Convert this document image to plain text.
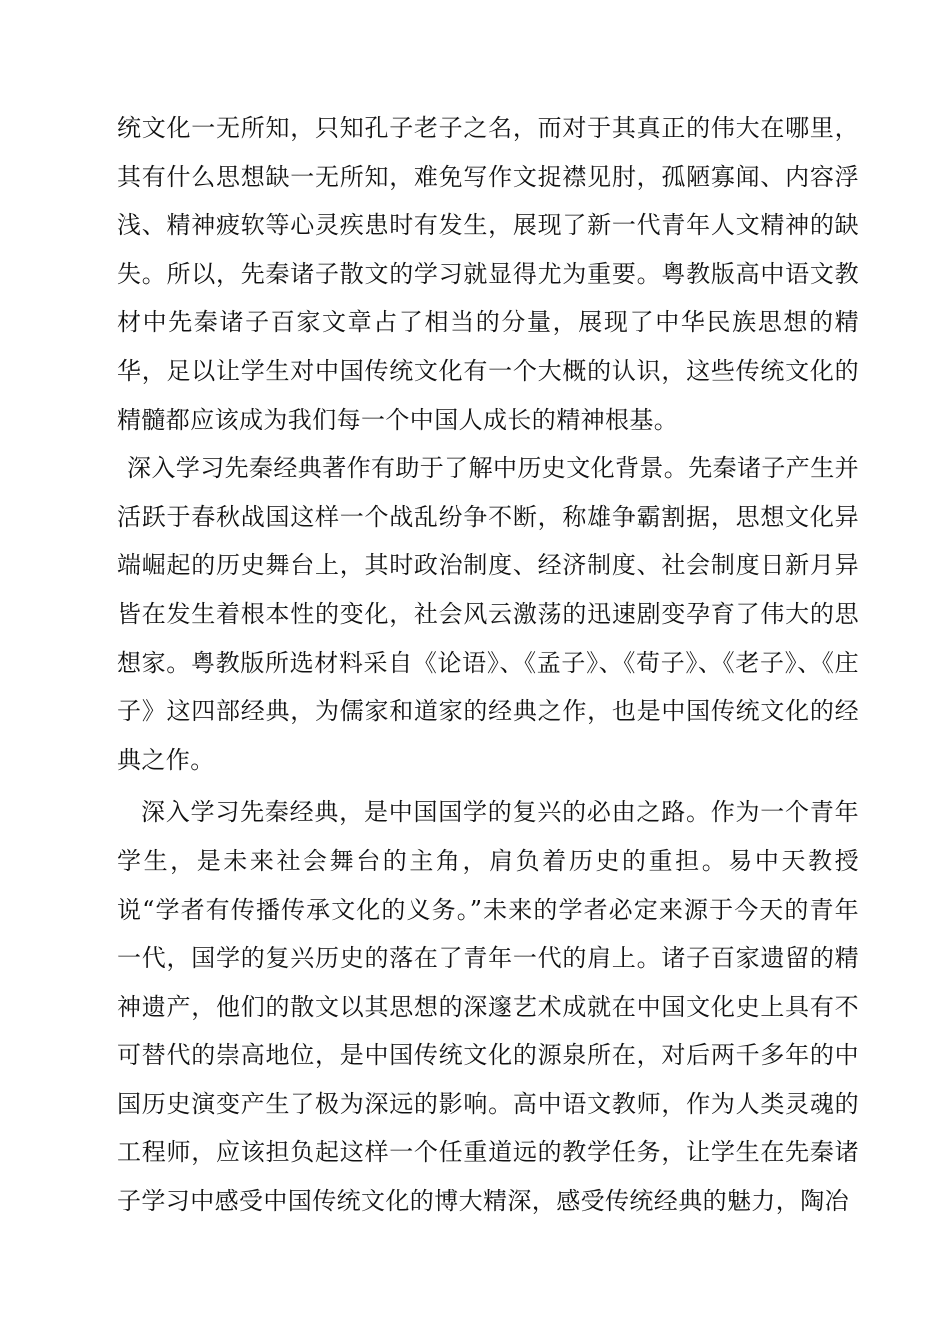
统文化一无所知，只知孔子老子之名，而对于其真正的伟大在哪里，其有什么思想缺一无所知，难免写作文捉襟见肘，孤陋寡闻、内容浮浅、精神疲软等心灵疾患时有发生，展现了新一代青年人文精神的缺失。所以，先秦诸子散文的学习就显得尤为重要。粤教版高中语文教材中先秦诸子百家文章占了相当的分量，展现了中华民族思想的精华，足以让学生对中国传统文化有一个大概的认识，这些传统文化的精髓都应该成为我们每一个中国人成长的精神根基。

深入学习先秦经典著作有助于了解中历史文化背景。先秦诸子产生并活跃于春秋战国这样一个战乱纷争不断，称雄争霸割据，思想文化异端崛起的历史舞台上，其时政治制度、经济制度、社会制度日新月异皆在发生着根本性的变化，社会风云激荡的迅速剧变孕育了伟大的思想家。粤教版所选材料采自《论语》、《孟子》、《荀子》、《老子》、《庄子》这四部经典，为儒家和道家的经典之作，也是中国传统文化的经典之作。

深入学习先秦经典，是中国国学的复兴的必由之路。作为一个青年学生，是未来社会舞台的主角，肩负着历史的重担。易中天教授说“学者有传播传承文化的义务。”未来的学者必定来源于今天的青年一代，国学的复兴历史的落在了青年一代的肩上。诸子百家遗留的精神遗产，他们的散文以其思想的深邃艺术成就在中国文化史上具有不可替代的崇高地位，是中国传统文化的源泉所在，对后两千多年的中国历史演变产生了极为深远的影响。高中语文教师，作为人类灵魂的工程师，应该担负起这样一个任重道远的教学任务，让学生在先秦诸子学习中感受中国传统文化的博大精深，感受传统经典的魅力，陶冶
